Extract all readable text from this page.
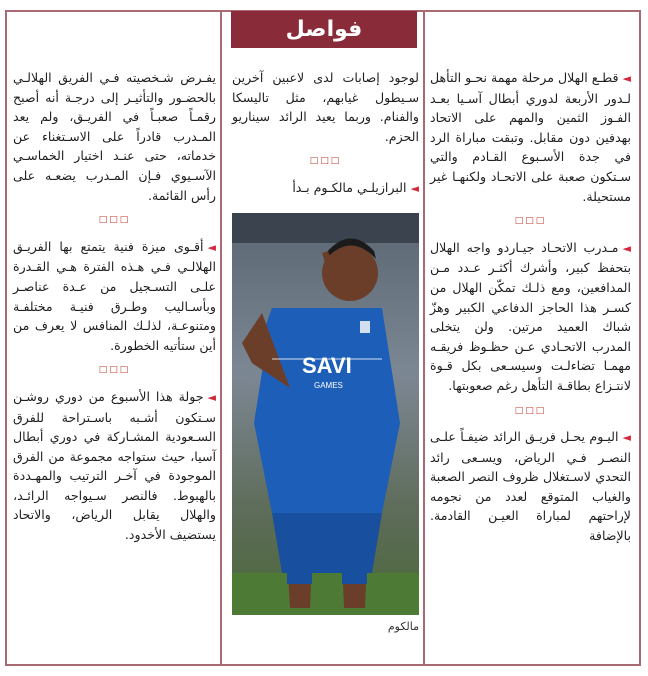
فواصل

◄قطـع الهلال مرحلة مهمة نحـو التأهل لـدور الأربعة لدوري أبطال آسـيا بعـد الفـوز الثمين والمهم على الاتحاد بهدفين دون مقابل. وتبقت مباراة الرد في جدة الأسـبوع القـادم والتي سـتكون صعبة على الاتحـاد ولكنهـا غير مستحيلة.

□□□

◄مـدرب الاتحـاد جيـاردو واجه الهلال بتحفظ كبير، وأشرك أكثـر عـدد مـن المدافعين، ومع ذلـك تمكّن الهلال من كسـر هذا الحاجز الدفاعي الكبير وهزّ شباك العميد مرتين. ولن يتخلى المدرب الاتحـادي عـن حظـوظ فريقـه مهمـا تضاءلـت وسيسـعى بكل قـوة لانتـزاع بطاقـة التأهل رغم صعوبتها.

□□□

◄اليـوم يحـل فريـق الرائد ضيفـاً علـى النصـر فـي الرياض، ويسـعى رائد التحدي لاسـتغلال ظروف النصر الصعبة والغياب المتوقع لعدد من نجومه لإراحتهم لمباراة العيـن القادمة. بالإضافة

لوجود إصابات لدى لاعبين آخرين سـيطول غيابهم، مثل تاليسكا والفنام. وربما يعيد الرائد سيناريو الحزم.

□□□

◄البرازيلـي مالكـوم بـدأ

SAVI
GAMES
مالكوم

يفـرض شـخصيته فـي الفريق الهلالـي بالحضـور والتأثيـر إلى درجـة أنه أصبح رقمـاً صعبـاً في الفريـق، ولم يعد المـدرب قادراً على الاسـتغناء عن خدماته، حتى عنـد اختيار الخماسـي الآسـيوي فـإن المـدرب يضعـه على رأس القائمة.

□□□

◄أقـوى ميزة فنية يتمتع بها الفريـق الهلالـي فـي هـذه الفترة هـي القـدرة علـى التسـجيل من عـدة عناصـر وبأسـاليب وطـرق فنيـة مختلفـة ومتنوعـة، لذلـك المنافس لا يعرف من أين ستأتيه الخطورة.

□□□

◄جولة هذا الأسبوع من دوري روشـن سـتكون أشـبه باسـتراحة للفرق السـعودية المشـاركة في دوري أبطال آسيا، حيث ستواجه مجموعة من الفرق الموجودة في آخـر الترتيب والمهـددة بالهبوط. فالنصر سـيواجه الرائـد، والهلال يقابل الرياض، والاتحاد يستضيف الأخدود.
